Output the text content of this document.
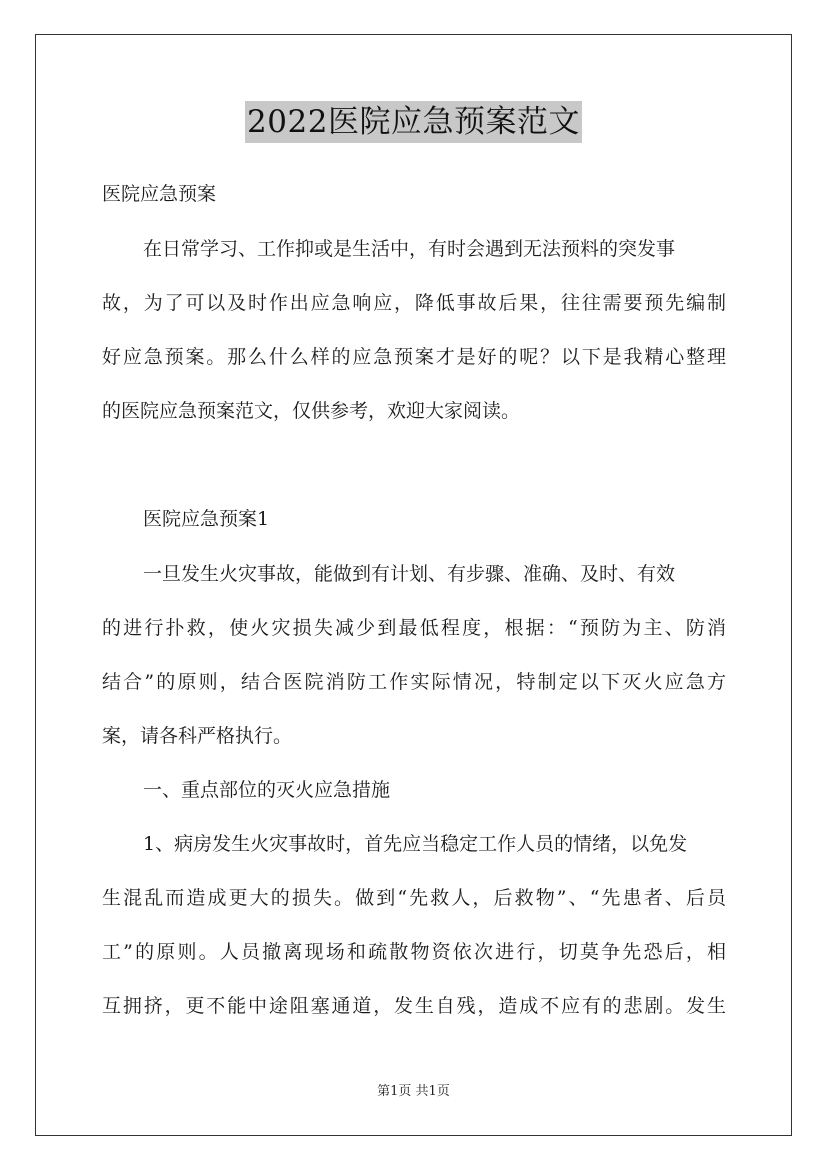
2022医院应急预案范文
医院应急预案
在日常学习、工作抑或是生活中，有时会遇到无法预料的突发事
故，为了可以及时作出应急响应，降低事故后果，往往需要预先编制
好应急预案。那么什么样的应急预案才是好的呢？以下是我精心整理
的医院应急预案范文，仅供参考，欢迎大家阅读。
医院应急预案1
一旦发生火灾事故，能做到有计划、有步骤、准确、及时、有效
的进行扑救，使火灾损失减少到最低程度，根据：“预防为主、防消
结合”的原则，结合医院消防工作实际情况，特制定以下灭火应急方
案，请各科严格执行。
一、重点部位的灭火应急措施
1、病房发生火灾事故时，首先应当稳定工作人员的情绪，以免发
生混乱而造成更大的损失。做到“先救人，后救物”、“先患者、后员
工”的原则。人员撤离现场和疏散物资依次进行，切莫争先恐后，相
互拥挤，更不能中途阻塞通道，发生自残，造成不应有的悲剧。发生
第1页 共1页
